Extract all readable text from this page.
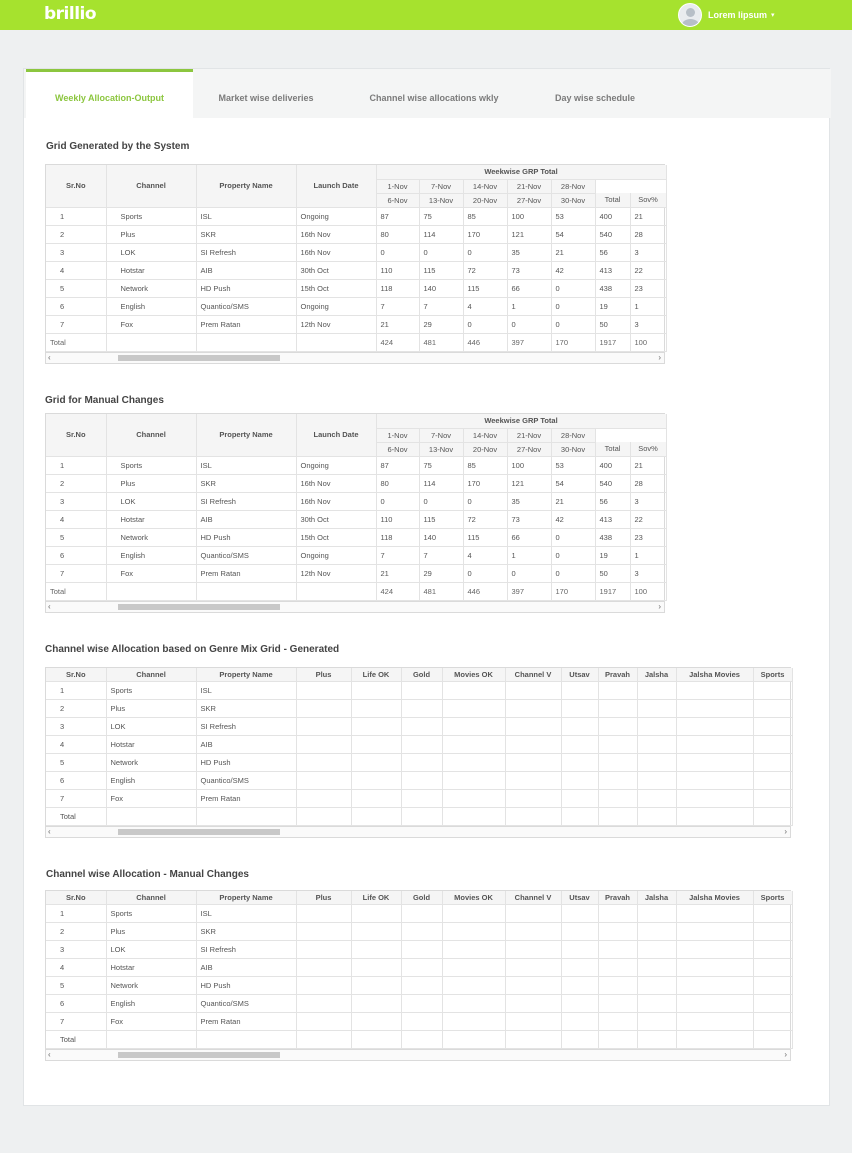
brillio	Lorem Iipsum ▾
Weekly Allocation-Output	Market wise deliveries	Channel wise allocations wkly	Day wise schedule
Grid Generated by the System
Sr.No	Channel	Property Name	Launch Date	Weekwise GRP Total						
				1-Nov	7-Nov	14-Nov	21-Nov	28-Nov		
				6-Nov	13-Nov	20-Nov	27-Nov	30-Nov	Total	Sov%
1	Sports	ISL	Ongoing	87	75	85	100	53	400	21
2	Plus	SKR	16th Nov	80	114	170	121	54	540	28
3	LOK	SI Refresh	16th Nov	0	0	0	35	21	56	3
4	Hotstar	AIB	30th Oct	110	115	72	73	42	413	22
5	Network	HD Push	15th Oct	118	140	115	66	0	438	23
6	English	Quantico/SMS	Ongoing	7	7	4	1	0	19	1
7	Fox	Prem Ratan	12th Nov	21	29	0	0	0	50	3
Total				424	481	446	397	170	1917	100
‹	›
Grid for Manual Changes
Sr.No	Channel	Property Name	Launch Date	Weekwise GRP Total						
				1-Nov	7-Nov	14-Nov	21-Nov	28-Nov		
				6-Nov	13-Nov	20-Nov	27-Nov	30-Nov	Total	Sov%
1	Sports	ISL	Ongoing	87	75	85	100	53	400	21
2	Plus	SKR	16th Nov	80	114	170	121	54	540	28
3	LOK	SI Refresh	16th Nov	0	0	0	35	21	56	3
4	Hotstar	AIB	30th Oct	110	115	72	73	42	413	22
5	Network	HD Push	15th Oct	118	140	115	66	0	438	23
6	English	Quantico/SMS	Ongoing	7	7	4	1	0	19	1
7	Fox	Prem Ratan	12th Nov	21	29	0	0	0	50	3
Total				424	481	446	397	170	1917	100
‹	›
Channel wise Allocation based on Genre Mix Grid - Generated
Sr.No	Channel	Property Name	Plus	Life OK	Gold	Movies OK	Channel V	Utsav	Pravah	Jalsha	Jalsha Movies	Sports
1	Sports	ISL										
2	Plus	SKR										
3	LOK	SI Refresh										
4	Hotstar	AIB										
5	Network	HD Push										
6	English	Quantico/SMS										
7	Fox	Prem Ratan										
Total												
‹	›
Channel wise Allocation - Manual Changes
Sr.No	Channel	Property Name	Plus	Life OK	Gold	Movies OK	Channel V	Utsav	Pravah	Jalsha	Jalsha Movies	Sports
1	Sports	ISL										
2	Plus	SKR										
3	LOK	SI Refresh										
4	Hotstar	AIB										
5	Network	HD Push										
6	English	Quantico/SMS										
7	Fox	Prem Ratan										
Total												
‹	›
